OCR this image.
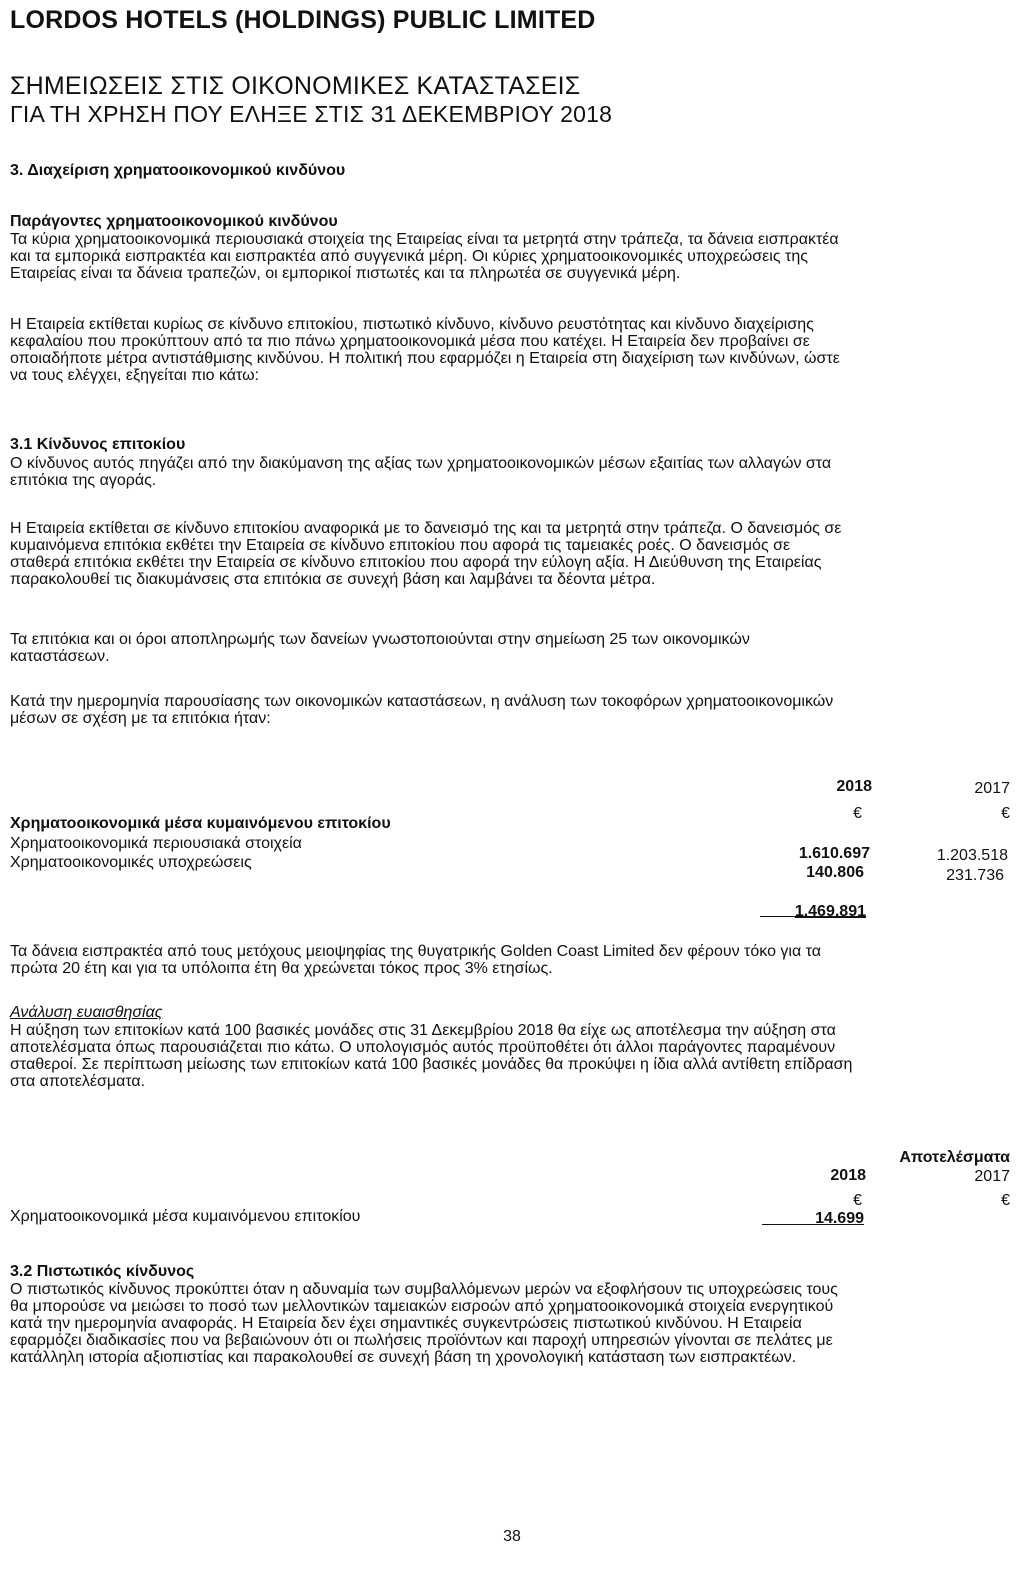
LORDOS HOTELS (HOLDINGS) PUBLIC LIMITED
ΣΗΜΕΙΩΣΕΙΣ ΣΤΙΣ ΟΙΚΟΝΟΜΙΚΕΣ ΚΑΤΑΣΤΑΣΕΙΣ
ΓΙΑ ΤΗ ΧΡΗΣΗ ΠΟΥ ΕΛΗΞΕ ΣΤΙΣ 31 ΔΕΚΕΜΒΡΙΟΥ 2018
3. Διαχείριση χρηματοοικονομικού κινδύνου
Παράγοντες χρηματοοικονομικού κινδύνου

Τα κύρια χρηματοοικονομικά περιουσιακά στοιχεία της Εταιρείας είναι τα μετρητά στην τράπεζα, τα δάνεια εισπρακτέα

και τα εμπορικά εισπρακτέα και εισπρακτέα από συγγενικά μέρη. Οι κύριες χρηματοοικονομικές υποχρεώσεις της

Εταιρείας είναι τα δάνεια τραπεζών, οι εμπορικοί πιστωτές και τα πληρωτέα σε συγγενικά μέρη.

Η Εταιρεία εκτίθεται κυρίως σε κίνδυνο επιτοκίου, πιστωτικό κίνδυνο, κίνδυνο ρευστότητας και κίνδυνο διαχείρισης

κεφαλαίου που προκύπτουν από τα πιο πάνω χρηματοοικονομικά μέσα που κατέχει. Η Εταιρεία δεν προβαίνει σε

οποιαδήποτε μέτρα αντιστάθμισης κινδύνου. Η πολιτική που εφαρμόζει η Εταιρεία στη διαχείριση των κινδύνων, ώστε

να τους ελέγχει, εξηγείται πιο κάτω:

3.1 Κίνδυνος επιτοκίου

Ο κίνδυνος αυτός πηγάζει από την διακύμανση της αξίας των χρηματοοικονομικών μέσων εξαιτίας των αλλαγών στα

επιτόκια της αγοράς.

Η Εταιρεία εκτίθεται σε κίνδυνο επιτοκίου αναφορικά με το δανεισμό της και τα μετρητά στην τράπεζα. Ο δανεισμός σε

κυμαινόμενα επιτόκια εκθέτει την Εταιρεία σε κίνδυνο επιτοκίου που αφορά τις ταμειακές ροές. Ο δανεισμός σε

σταθερά επιτόκια εκθέτει την Εταιρεία σε κίνδυνο επιτοκίου που αφορά την εύλογη αξία. Η Διεύθυνση της Εταιρείας

παρακολουθεί τις διακυμάνσεις στα επιτόκια σε συνεχή βάση και λαμβάνει τα δέοντα μέτρα.

Τα επιτόκια και οι όροι αποπληρωμής των δανείων γνωστοποιούνται στην σημείωση 25 των οικονομικών

καταστάσεων.

Κατά την ημερομηνία παρουσίασης των οικονομικών καταστάσεων, η ανάλυση των τοκοφόρων χρηματοοικονομικών

μέσων σε σχέση με τα επιτόκια ήταν:

2018	2017
€	€
Χρηματοοικονομικά μέσα κυμαινόμενου επιτοκίου
Χρηματοοικονομικά περιουσιακά στοιχεία
1.610.697	1.203.518
Χρηματοοικονομικές υποχρεώσεις
140.806	231.736
1.469.891

Τα δάνεια εισπρακτέα από τους μετόχους μειοψηφίας της θυγατρικής Golden Coast Limited δεν φέρουν τόκο για τα

πρώτα 20 έτη και για τα υπόλοιπα έτη θα χρεώνεται τόκος προς 3% ετησίως.

Ανάλυση ευαισθησίας

Η αύξηση των επιτοκίων κατά 100 βασικές μονάδες στις 31 Δεκεμβρίου 2018 θα είχε ως αποτέλεσμα την αύξηση στα

αποτελέσματα όπως παρουσιάζεται πιο κάτω. Ο υπολογισμός αυτός προϋποθέτει ότι άλλοι παράγοντες παραμένουν

σταθεροί. Σε περίπτωση μείωσης των επιτοκίων κατά 100 βασικές μονάδες θα προκύψει η ίδια αλλά αντίθετη επίδραση

στα αποτελέσματα.

Αποτελέσματα
2018	2017
€	€
Χρηματοοικονομικά μέσα κυμαινόμενου επιτοκίου	14.699
3.2 Πιστωτικός κίνδυνος

Ο πιστωτικός κίνδυνος προκύπτει όταν η αδυναμία των συμβαλλόμενων μερών να εξοφλήσουν τις υποχρεώσεις τους

θα μπορούσε να μειώσει το ποσό των μελλοντικών ταμειακών εισροών από χρηματοοικονομικά στοιχεία ενεργητικού

κατά την ημερομηνία αναφοράς. Η Εταιρεία δεν έχει σημαντικές συγκεντρώσεις πιστωτικού κινδύνου. Η Εταιρεία

εφαρμόζει διαδικασίες που να βεβαιώνουν ότι οι πωλήσεις προϊόντων και παροχή υπηρεσιών γίνονται σε πελάτες με

κατάλληλη ιστορία αξιοπιστίας και παρακολουθεί σε συνεχή βάση τη χρονολογική κατάσταση των εισπρακτέων.

38
